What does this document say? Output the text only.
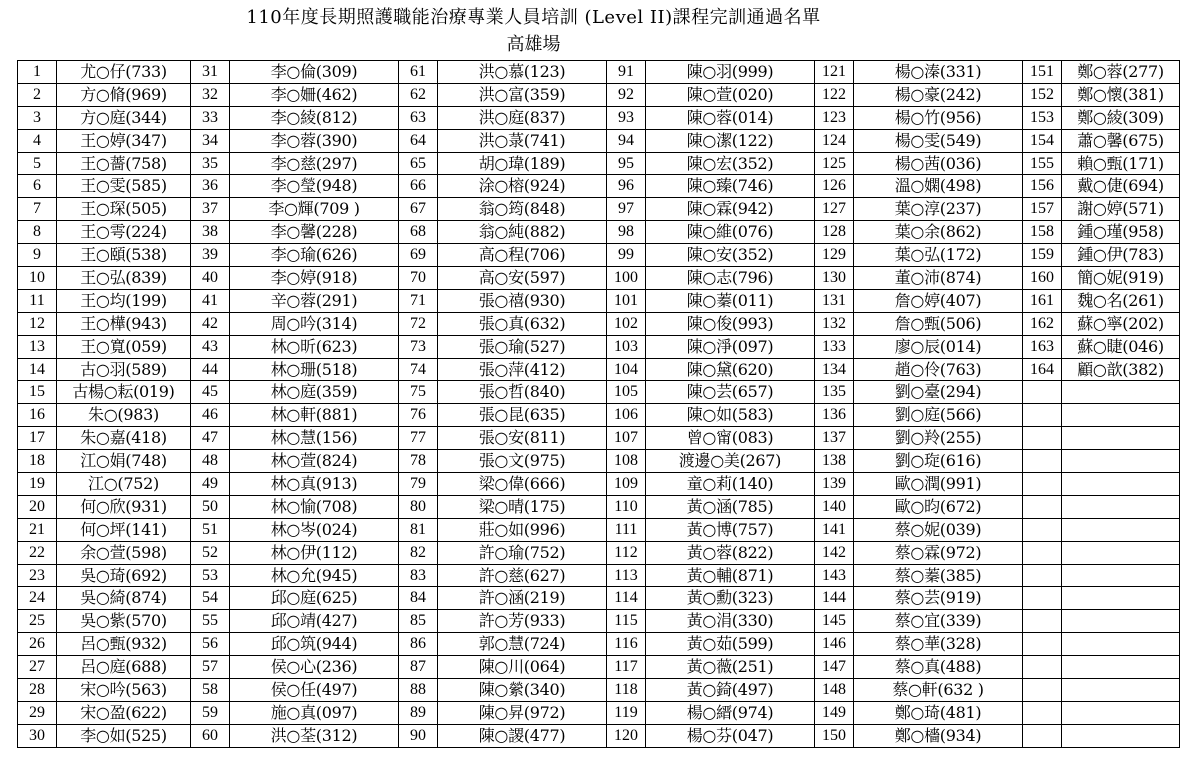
110年度長期照護職能治療專業人員培訓 (Level II)課程完訓通過名單
高雄場
1	尤○仔(733)	31	李○倫(309)	61	洪○慕(123)	91	陳○羽(999)	121	楊○溱(331)	151	鄭○蓉(277)
2	方○脩(969)	32	李○姍(462)	62	洪○富(359)	92	陳○萱(020)	122	楊○豪(242)	152	鄭○懷(381)
3	方○庭(344)	33	李○綾(812)	63	洪○庭(837)	93	陳○蓉(014)	123	楊○竹(956)	153	鄭○綾(309)
4	王○婷(347)	34	李○蓉(390)	64	洪○菉(741)	94	陳○潔(122)	124	楊○雯(549)	154	蕭○馨(675)
5	王○薔(758)	35	李○慈(297)	65	胡○瑋(189)	95	陳○宏(352)	125	楊○茜(036)	155	賴○甄(171)
6	王○雯(585)	36	李○瑩(948)	66	涂○榕(924)	96	陳○臻(746)	126	溫○嫻(498)	156	戴○倢(694)
7	王○琛(505)	37	李○輝(709 )	67	翁○筠(848)	97	陳○霖(942)	127	葉○淳(237)	157	謝○婷(571)
8	王○雩(224)	38	李○馨(228)	68	翁○純(882)	98	陳○維(076)	128	葉○余(862)	158	鍾○瑾(958)
9	王○頤(538)	39	李○瑜(626)	69	高○程(706)	99	陳○安(352)	129	葉○弘(172)	159	鍾○伊(783)
10	王○弘(839)	40	李○婷(918)	70	高○安(597)	100	陳○志(796)	130	董○沛(874)	160	簡○妮(919)
11	王○均(199)	41	辛○蓉(291)	71	張○禧(930)	101	陳○蓁(011)	131	詹○婷(407)	161	魏○名(261)
12	王○樺(943)	42	周○吟(314)	72	張○真(632)	102	陳○俊(993)	132	詹○甄(506)	162	蘇○寧(202)
13	王○寬(059)	43	林○昕(623)	73	張○瑜(527)	103	陳○淨(097)	133	廖○辰(014)	163	蘇○睫(046)
14	古○羽(589)	44	林○珊(518)	74	張○萍(412)	104	陳○黛(620)	134	趙○伶(763)	164	顧○歆(382)
15	古楊○耘(019)	45	林○庭(359)	75	張○哲(840)	105	陳○芸(657)	135	劉○臺(294)		
16	朱○(983)	46	林○軒(881)	76	張○昆(635)	106	陳○如(583)	136	劉○庭(566)		
17	朱○嘉(418)	47	林○慧(156)	77	張○安(811)	107	曾○甯(083)	137	劉○羚(255)		
18	江○娟(748)	48	林○萱(824)	78	張○文(975)	108	渡邊○美(267)	138	劉○琁(616)		
19	江○(752)	49	林○真(913)	79	梁○偉(666)	109	童○莉(140)	139	歐○潤(991)		
20	何○欣(931)	50	林○愉(708)	80	梁○晴(175)	110	黃○涵(785)	140	歐○昀(672)		
21	何○坪(141)	51	林○岑(024)	81	莊○如(996)	111	黃○博(757)	141	蔡○妮(039)		
22	余○萱(598)	52	林○伊(112)	82	許○瑜(752)	112	黃○蓉(822)	142	蔡○霖(972)		
23	吳○琦(692)	53	林○允(945)	83	許○慈(627)	113	黃○輔(871)	143	蔡○蓁(385)		
24	吳○綺(874)	54	邱○庭(625)	84	許○涵(219)	114	黃○勳(323)	144	蔡○芸(919)		
25	吳○紫(570)	55	邱○靖(427)	85	許○芳(933)	115	黃○涓(330)	145	蔡○宜(339)		
26	呂○甄(932)	56	邱○筑(944)	86	郭○慧(724)	116	黃○茹(599)	146	蔡○華(328)		
27	呂○庭(688)	57	侯○心(236)	87	陳○川(064)	117	黃○薇(251)	147	蔡○真(488)		
28	宋○吟(563)	58	侯○任(497)	88	陳○縈(340)	118	黃○錡(497)	148	蔡○軒(632 )		
29	宋○盈(622)	59	施○真(097)	89	陳○昇(972)	119	楊○縉(974)	149	鄭○琦(481)		
30	李○如(525)	60	洪○荃(312)	90	陳○謖(477)	120	楊○芬(047)	150	鄭○檣(934)		
